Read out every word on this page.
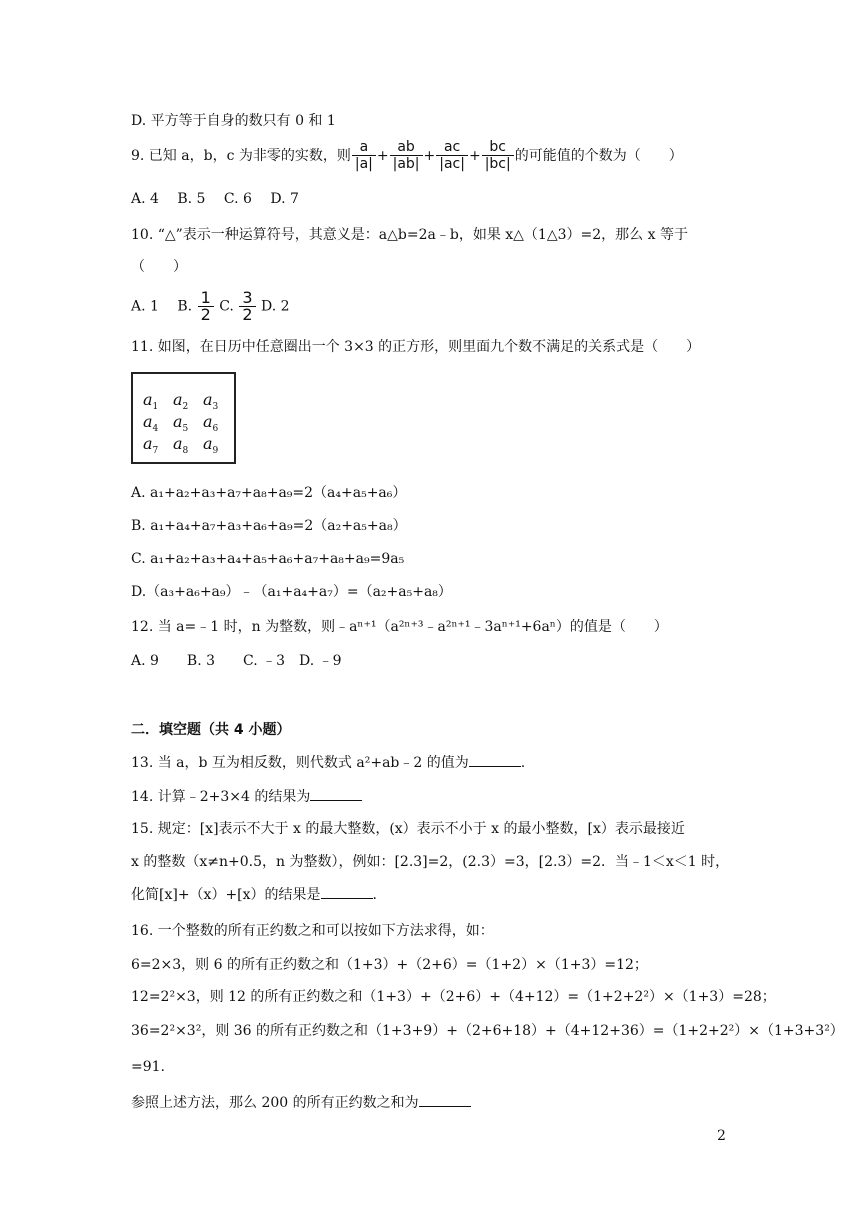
D. 平方等于自身的数只有 0 和 1
9. 已知 a，b，c 为非零的实数，则 $\frac{a}{|a|} + \frac{ab}{|ab|} + \frac{ac}{|ac|} + \frac{bc}{|bc|}$ 的可能值的个数为（　　）
A. 4　 B. 5　 C. 6　 D. 7
10. “△”表示一种运算符号，其意义是：a△b=2a﹣b，如果 x△（1△3）=2，那么 x 等于
（　　）
A. 1　 B. $\frac{1}{2} C$. $\frac{3}{2} D$. 2
11. 如图，在日历中任意圈出一个 3×3 的正方形，则里面九个数不满足的关系式是（　　）
$a_1$ $a_2$ $a_3$
$a_4$ $a_5$ $a_6$
$a_7$ $a_8$ $a_9$
A. a₁+a₂+a₃+a₇+a₈+a₉=2（a₄+a₅+a₆）
B. a₁+a₄+a₇+a₃+a₆+a₉=2（a₂+a₅+a₈）
C. a₁+a₂+a₃+a₄+a₅+a₆+a₇+a₈+a₉=9a₅
D.（a₃+a₆+a₉）﹣（a₁+a₄+a₇）=（a₂+a₅+a₈）
12. 当 a=﹣1 时，n 为整数，则﹣aⁿ⁺¹（a²ⁿ⁺³﹣a²ⁿ⁺¹﹣3aⁿ⁺¹+6aⁿ）的值是（　　）
A. 9　　B. 3　　C. ﹣3　D. ﹣9
二．填空题（共 4 小题）
13. 当 a，b 互为相反数，则代数式 a²+ab﹣2 的值为	.
14. 计算﹣2+3×4 的结果为
15. 规定：[x]表示不大于 x 的最大整数，(x）表示不小于 x 的最小整数，[x）表示最接近
x 的整数（x≠n+0.5，n 为整数），例如：[2.3]=2，(2.3）=3，[2.3）=2．当﹣1＜x＜1 时，
化简[x]+（x）+[x）的结果是	.
16. 一个整数的所有正约数之和可以按如下方法求得，如：
6=2×3，则 6 的所有正约数之和（1+3）+（2+6）=（1+2）×（1+3）=12；
12=2²×3，则 12 的所有正约数之和（1+3）+（2+6）+（4+12）=（1+2+2²）×（1+3）=28；
36=2²×3²，则 36 的所有正约数之和（1+3+9）+（2+6+18）+（4+12+36）=（1+2+2²）×（1+3+3²）
=91.
参照上述方法，那么 200 的所有正约数之和为
2
